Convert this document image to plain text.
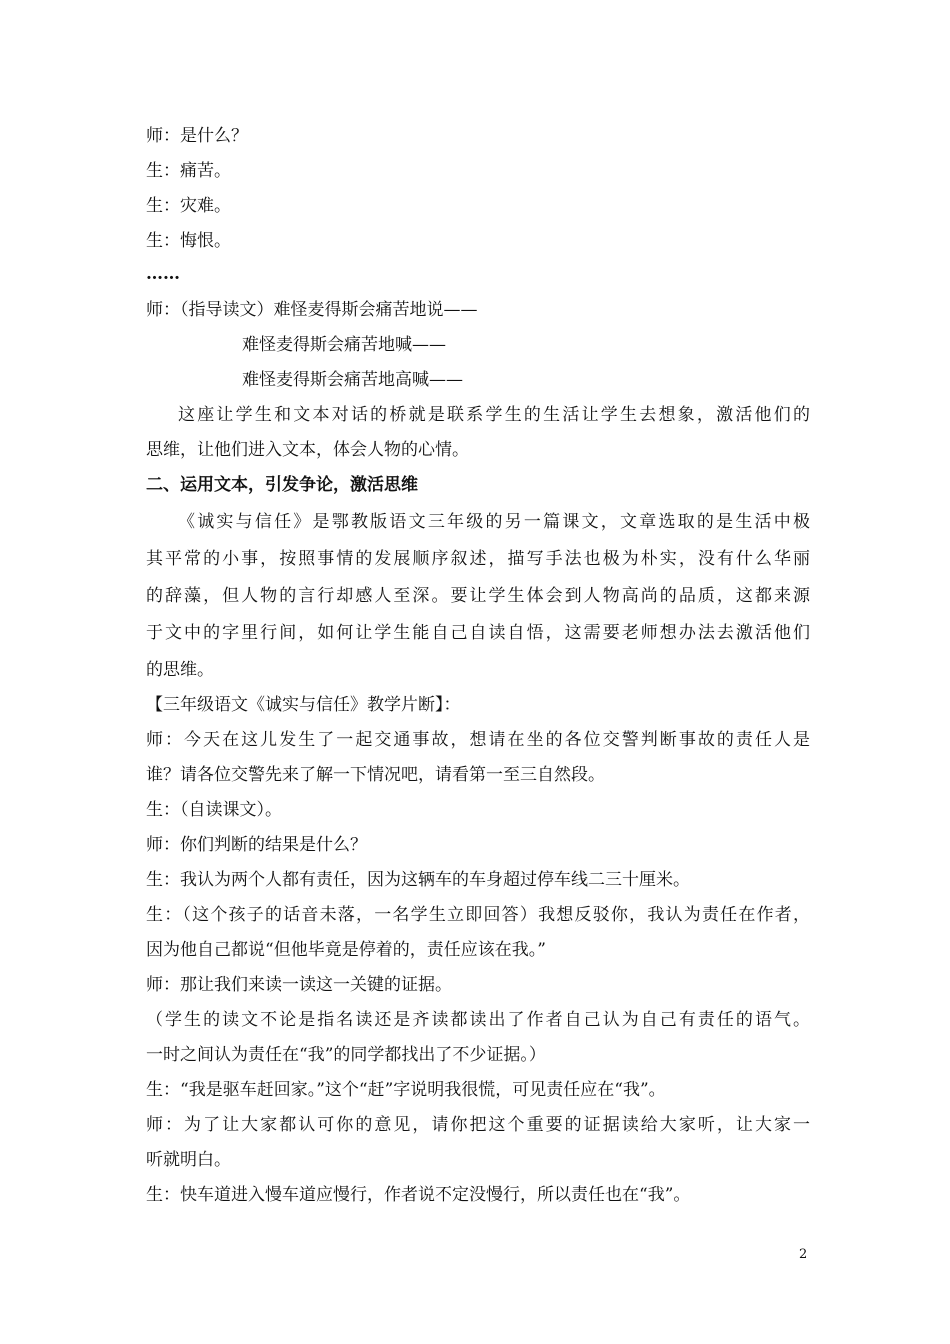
师：是什么？
生：痛苦。
生：灾难。
生：悔恨。
……
师：（指导读文）难怪麦得斯会痛苦地说——
难怪麦得斯会痛苦地喊——
难怪麦得斯会痛苦地高喊——
这座让学生和文本对话的桥就是联系学生的生活让学生去想象，激活他们的
思维，让他们进入文本，体会人物的心情。
二、运用文本，引发争论，激活思维
《诚实与信任》是鄂教版语文三年级的另一篇课文，文章选取的是生活中极
其平常的小事，按照事情的发展顺序叙述，描写手法也极为朴实，没有什么华丽
的辞藻，但人物的言行却感人至深。要让学生体会到人物高尚的品质，这都来源
于文中的字里行间，如何让学生能自己自读自悟，这需要老师想办法去激活他们
的思维。
【三年级语文《诚实与信任》教学片断】：
师：今天在这儿发生了一起交通事故，想请在坐的各位交警判断事故的责任人是
谁？请各位交警先来了解一下情况吧，请看第一至三自然段。
生：（自读课文）。
师：你们判断的结果是什么？
生：我认为两个人都有责任，因为这辆车的车身超过停车线二三十厘米。
生：（这个孩子的话音未落，一名学生立即回答）我想反驳你，我认为责任在作者，
因为他自己都说“但他毕竟是停着的，责任应该在我。”
师：那让我们来读一读这一关键的证据。
（学生的读文不论是指名读还是齐读都读出了作者自己认为自己有责任的语气。
一时之间认为责任在“我”的同学都找出了不少证据。）
生：“我是驱车赶回家。”这个“赶”字说明我很慌，可见责任应在“我”。
师：为了让大家都认可你的意见，请你把这个重要的证据读给大家听，让大家一
听就明白。
生：快车道进入慢车道应慢行，作者说不定没慢行，所以责任也在“我”。
2
